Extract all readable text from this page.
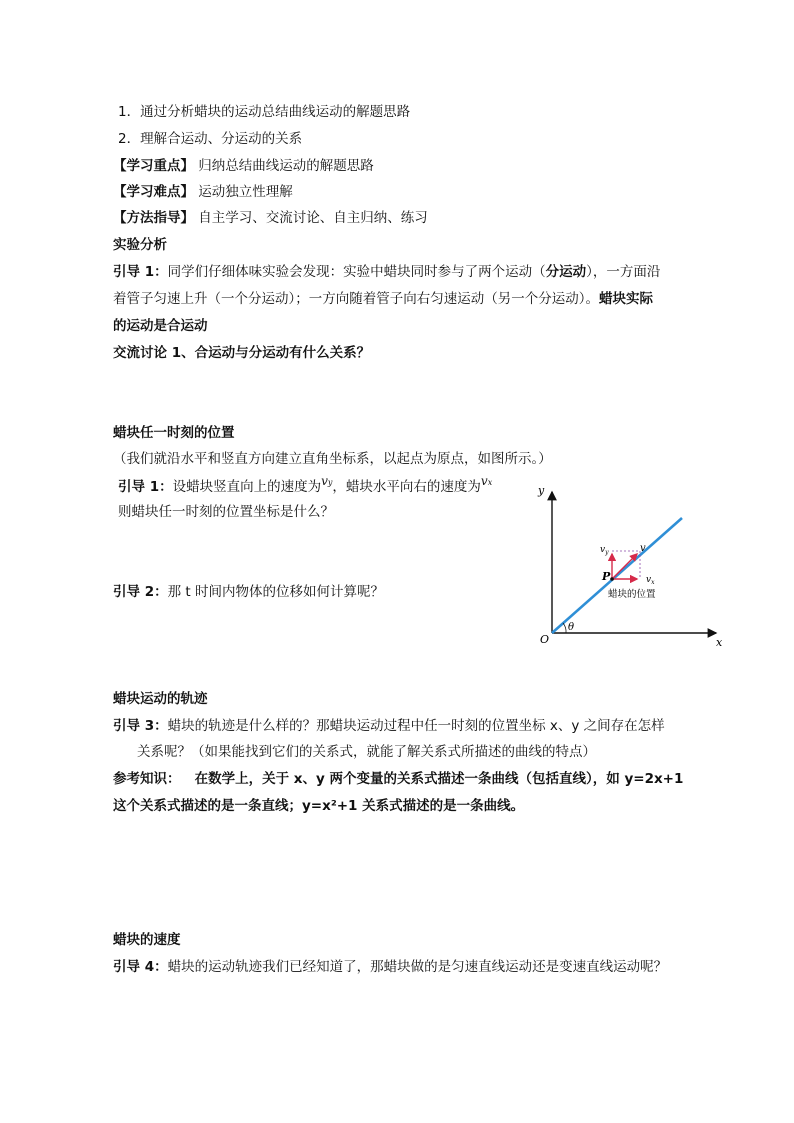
1．通过分析蜡块的运动总结曲线运动的解题思路
2．理解合运动、分运动的关系
【学习重点】 归纳总结曲线运动的解题思路
【学习难点】 运动独立性理解
【方法指导】 自主学习、交流讨论、自主归纳、练习
实验分析
引导 1：同学们仔细体味实验会发现：实验中蜡块同时参与了两个运动（分运动），一方面沿
着管子匀速上升（一个分运动）；一方向随着管子向右匀速运动（另一个分运动）。蜡块实际
的运动是合运动
交流讨论 1、合运动与分运动有什么关系？
蜡块任一时刻的位置
（我们就沿水平和竖直方向建立直角坐标系，以起点为原点，如图所示。）
引导 1：设蜡块竖直向上的速度为vy，蜡块水平向右的速度为vx
则蜡块任一时刻的位置坐标是什么？
引导 2：那 t 时间内物体的位移如何计算呢？
y
x
O
θ
P
v
$v_y$
$v_x$
蜡块的位置
蜡块运动的轨迹
引导 3：蜡块的轨迹是什么样的？那蜡块运动过程中任一时刻的位置坐标 x、y 之间存在怎样
关系呢？（如果能找到它们的关系式，就能了解关系式所描述的曲线的特点）
参考知识： 在数学上，关于 x、y 两个变量的关系式描述一条曲线（包括直线），如 y=2x+1
这个关系式描述的是一条直线；y=x²+1 关系式描述的是一条曲线。
蜡块的速度
引导 4：蜡块的运动轨迹我们已经知道了，那蜡块做的是匀速直线运动还是变速直线运动呢？
